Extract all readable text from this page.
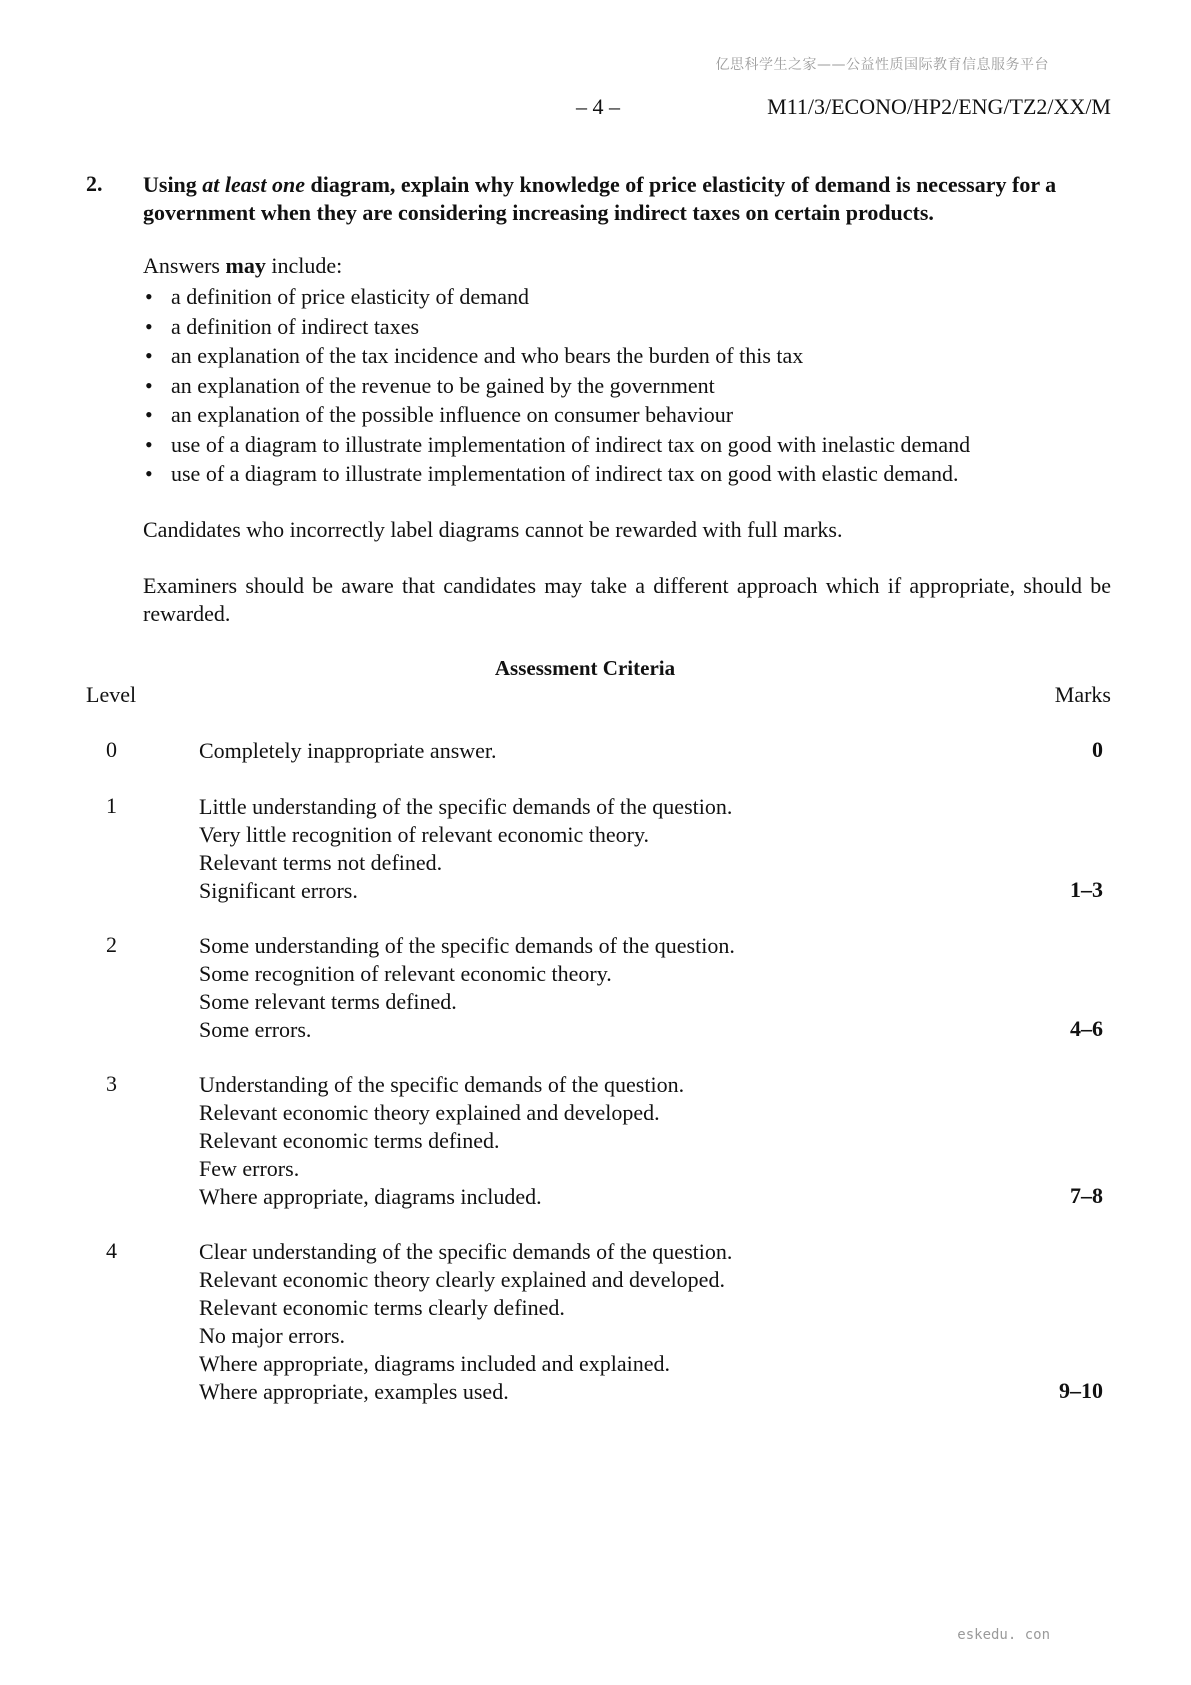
亿思科学生之家——公益性质国际教育信息服务平台
– 4 –	M11/3/ECONO/HP2/ENG/TZ2/XX/M
2. Using at least one diagram, explain why knowledge of price elasticity of demand is necessary for a government when they are considering increasing indirect taxes on certain products.
Answers may include:
• a definition of price elasticity of demand
• a definition of indirect taxes
• an explanation of the tax incidence and who bears the burden of this tax
• an explanation of the revenue to be gained by the government
• an explanation of the possible influence on consumer behaviour
• use of a diagram to illustrate implementation of indirect tax on good with inelastic demand
• use of a diagram to illustrate implementation of indirect tax on good with elastic demand.
Candidates who incorrectly label diagrams cannot be rewarded with full marks.
Examiners should be aware that candidates may take a different approach which if appropriate, should be rewarded.
Assessment Criteria
Level	Marks
0	Completely inappropriate answer.	0
1	Little understanding of the specific demands of the question.
Very little recognition of relevant economic theory.
Relevant terms not defined.
Significant errors.	1–3
2	Some understanding of the specific demands of the question.
Some recognition of relevant economic theory.
Some relevant terms defined.
Some errors.	4–6
3	Understanding of the specific demands of the question.
Relevant economic theory explained and developed.
Relevant economic terms defined.
Few errors.
Where appropriate, diagrams included.	7–8
4	Clear understanding of the specific demands of the question.
Relevant economic theory clearly explained and developed.
Relevant economic terms clearly defined.
No major errors.
Where appropriate, diagrams included and explained.
Where appropriate, examples used.	9–10
eskedu. con
